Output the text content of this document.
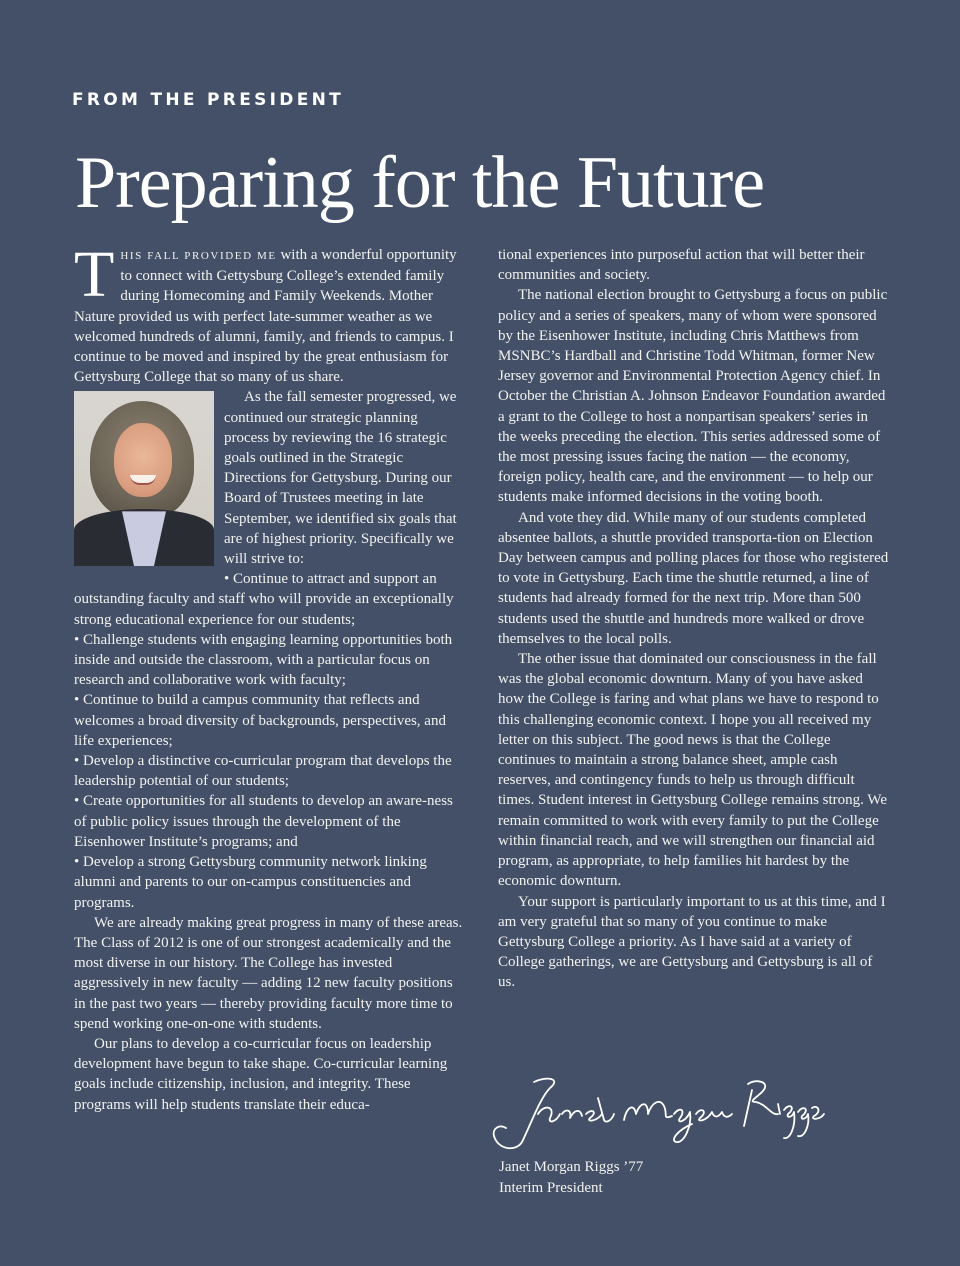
FROM THE PRESIDENT
Preparing for the Future

THIS FALL PROVIDED ME with a wonderful opportunity to connect with Gettysburg College’s extended family during Homecoming and Family Weekends. Mother Nature provided us with perfect late-summer weather as we welcomed hundreds of alumni, family, and friends to campus. I continue to be moved and inspired by the great enthusiasm for Gettysburg College that so many of us share.

As the fall semester progressed, we continued our strategic planning process by reviewing the 16 strategic goals outlined in the Strategic Directions for Gettysburg. During our Board of Trustees meeting in late September, we identified six goals that are of highest priority. Specifically we will strive to:

• Continue to attract and support an outstanding faculty and staff who will provide an exceptionally strong educational experience for our students;

• Challenge students with engaging learning opportunities both inside and outside the classroom, with a particular focus on research and collaborative work with faculty;

• Continue to build a campus community that reflects and welcomes a broad diversity of backgrounds, perspectives, and life experiences;

• Develop a distinctive co-curricular program that develops the leadership potential of our students;

• Create opportunities for all students to develop an aware-ness of public policy issues through the development of the Eisenhower Institute’s programs; and

• Develop a strong Gettysburg community network linking alumni and parents to our on-campus constituencies and programs.

We are already making great progress in many of these areas. The Class of 2012 is one of our strongest academically and the most diverse in our history. The College has invested aggressively in new faculty — adding 12 new faculty positions in the past two years — thereby providing faculty more time to spend working one-on-one with students.

Our plans to develop a co-curricular focus on leadership development have begun to take shape. Co-curricular learning goals include citizenship, inclusion, and integrity. These programs will help students translate their educa-

tional experiences into purposeful action that will better their communities and society.

The national election brought to Gettysburg a focus on public policy and a series of speakers, many of whom were sponsored by the Eisenhower Institute, including Chris Matthews from MSNBC’s Hardball and Christine Todd Whitman, former New Jersey governor and Environmental Protection Agency chief. In October the Christian A. Johnson Endeavor Foundation awarded a grant to the College to host a nonpartisan speakers’ series in the weeks preceding the election. This series addressed some of the most pressing issues facing the nation — the economy, foreign policy, health care, and the environment — to help our students make informed decisions in the voting booth.

And vote they did. While many of our students completed absentee ballots, a shuttle provided transporta-tion on Election Day between campus and polling places for those who registered to vote in Gettysburg. Each time the shuttle returned, a line of students had already formed for the next trip. More than 500 students used the shuttle and hundreds more walked or drove themselves to the local polls.

The other issue that dominated our consciousness in the fall was the global economic downturn. Many of you have asked how the College is faring and what plans we have to respond to this challenging economic context. I hope you all received my letter on this subject. The good news is that the College continues to maintain a strong balance sheet, ample cash reserves, and contingency funds to help us through difficult times. Student interest in Gettysburg College remains strong. We remain committed to work with every family to put the College within financial reach, and we will strengthen our financial aid program, as appropriate, to help families hit hardest by the economic downturn.

Your support is particularly important to us at this time, and I am very grateful that so many of you continue to make Gettysburg College a priority. As I have said at a variety of College gatherings, we are Gettysburg and Gettysburg is all of us.

Janet Morgan Riggs ’77
Interim President
